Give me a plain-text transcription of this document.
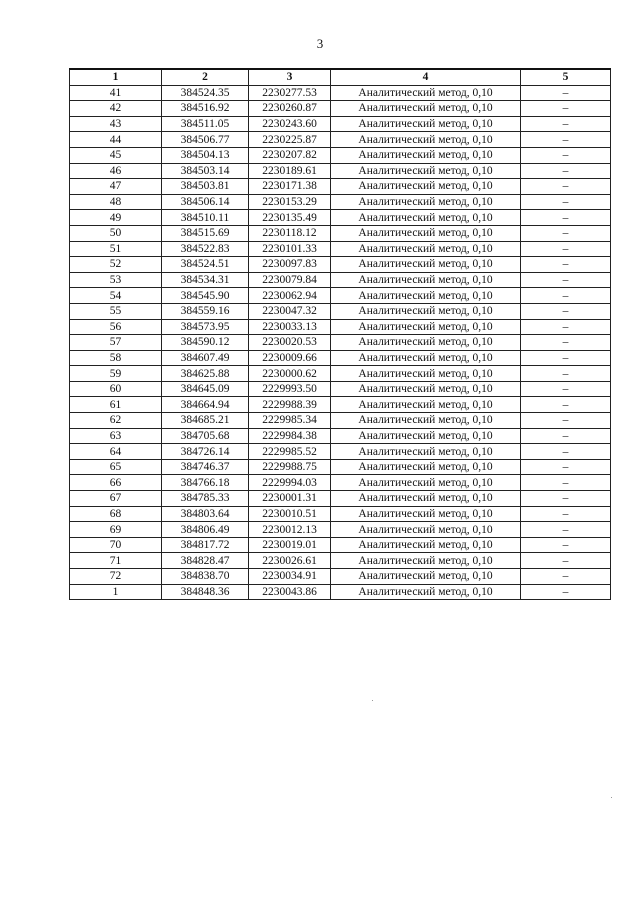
3
1	2	3	4	5
41	384524.35	2230277.53	Аналитический метод, 0,10	–
42	384516.92	2230260.87	Аналитический метод, 0,10	–
43	384511.05	2230243.60	Аналитический метод, 0,10	–
44	384506.77	2230225.87	Аналитический метод, 0,10	–
45	384504.13	2230207.82	Аналитический метод, 0,10	–
46	384503.14	2230189.61	Аналитический метод, 0,10	–
47	384503.81	2230171.38	Аналитический метод, 0,10	–
48	384506.14	2230153.29	Аналитический метод, 0,10	–
49	384510.11	2230135.49	Аналитический метод, 0,10	–
50	384515.69	2230118.12	Аналитический метод, 0,10	–
51	384522.83	2230101.33	Аналитический метод, 0,10	–
52	384524.51	2230097.83	Аналитический метод, 0,10	–
53	384534.31	2230079.84	Аналитический метод, 0,10	–
54	384545.90	2230062.94	Аналитический метод, 0,10	–
55	384559.16	2230047.32	Аналитический метод, 0,10	–
56	384573.95	2230033.13	Аналитический метод, 0,10	–
57	384590.12	2230020.53	Аналитический метод, 0,10	–
58	384607.49	2230009.66	Аналитический метод, 0,10	–
59	384625.88	2230000.62	Аналитический метод, 0,10	–
60	384645.09	2229993.50	Аналитический метод, 0,10	–
61	384664.94	2229988.39	Аналитический метод, 0,10	–
62	384685.21	2229985.34	Аналитический метод, 0,10	–
63	384705.68	2229984.38	Аналитический метод, 0,10	–
64	384726.14	2229985.52	Аналитический метод, 0,10	–
65	384746.37	2229988.75	Аналитический метод, 0,10	–
66	384766.18	2229994.03	Аналитический метод, 0,10	–
67	384785.33	2230001.31	Аналитический метод, 0,10	–
68	384803.64	2230010.51	Аналитический метод, 0,10	–
69	384806.49	2230012.13	Аналитический метод, 0,10	–
70	384817.72	2230019.01	Аналитический метод, 0,10	–
71	384828.47	2230026.61	Аналитический метод, 0,10	–
72	384838.70	2230034.91	Аналитический метод, 0,10	–
1	384848.36	2230043.86	Аналитический метод, 0,10	–
